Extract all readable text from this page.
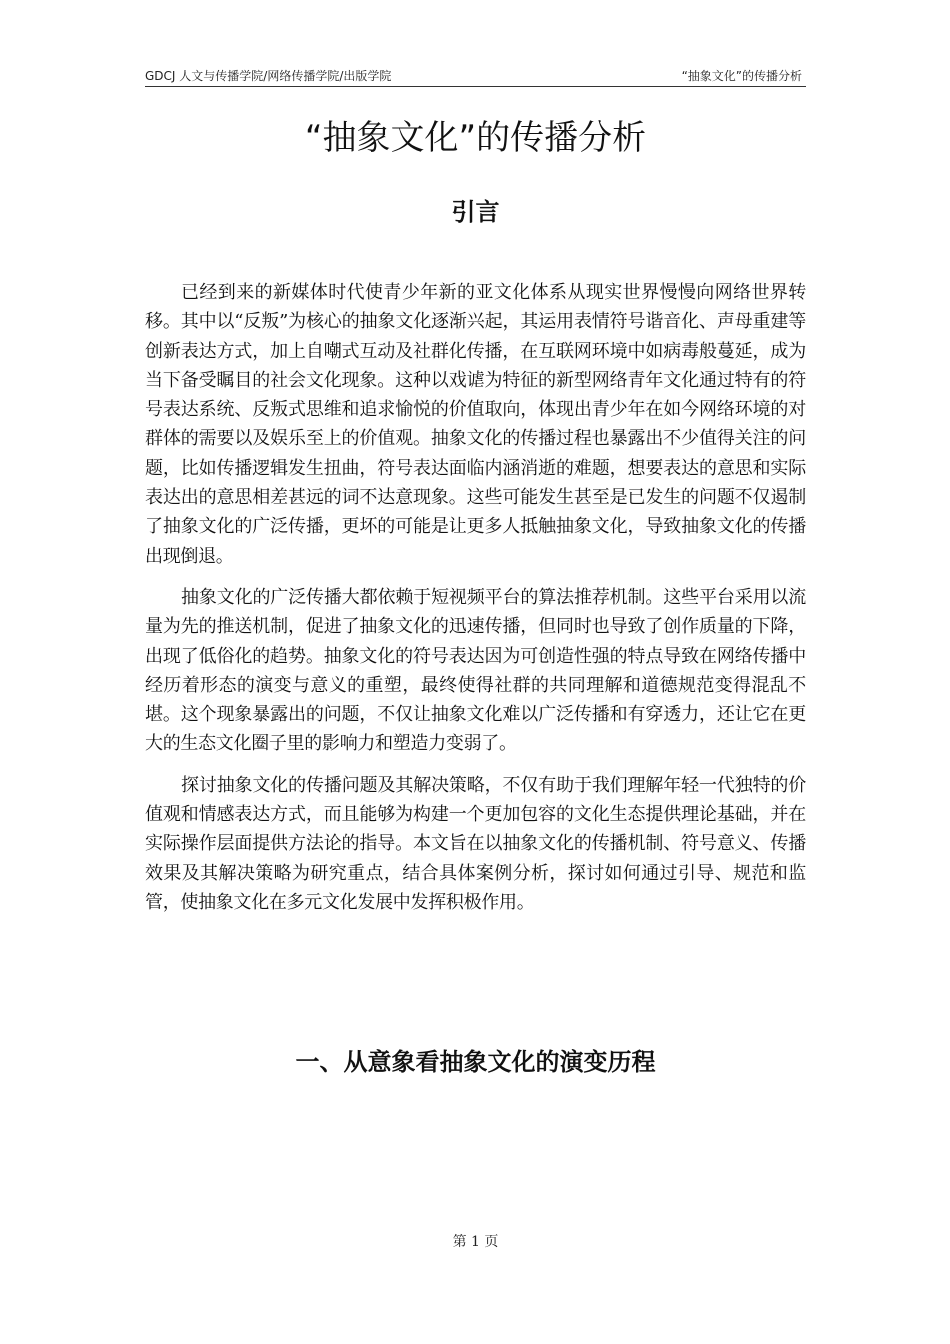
GDCJ 人文与传播学院/网络传播学院/出版学院	“抽象文化”的传播分析
“抽象文化”的传播分析
引言

已经到来的新媒体时代使青少年新的亚文化体系从现实世界慢慢向网络世界转移。其中以“反叛”为核心的抽象文化逐渐兴起，其运用表情符号谐音化、声母重建等创新表达方式，加上自嘲式互动及社群化传播，在互联网环境中如病毒般蔓延，成为当下备受瞩目的社会文化现象。这种以戏谑为特征的新型网络青年文化通过特有的符号表达系统、反叛式思维和追求愉悦的价值取向，体现出青少年在如今网络环境的对群体的需要以及娱乐至上的价值观。抽象文化的传播过程也暴露出不少值得关注的问题，比如传播逻辑发生扭曲，符号表达面临内涵消逝的难题，想要表达的意思和实际表达出的意思相差甚远的词不达意现象。这些可能发生甚至是已发生的问题不仅遏制了抽象文化的广泛传播，更坏的可能是让更多人抵触抽象文化，导致抽象文化的传播出现倒退。

抽象文化的广泛传播大都依赖于短视频平台的算法推荐机制。这些平台采用以流量为先的推送机制，促进了抽象文化的迅速传播，但同时也导致了创作质量的下降，出现了低俗化的趋势。抽象文化的符号表达因为可创造性强的特点导致在网络传播中经历着形态的演变与意义的重塑，最终使得社群的共同理解和道德规范变得混乱不堪。这个现象暴露出的问题，不仅让抽象文化难以广泛传播和有穿透力，还让它在更大的生态文化圈子里的影响力和塑造力变弱了。

探讨抽象文化的传播问题及其解决策略，不仅有助于我们理解年轻一代独特的价值观和情感表达方式，而且能够为构建一个更加包容的文化生态提供理论基础，并在实际操作层面提供方法论的指导。本文旨在以抽象文化的传播机制、符号意义、传播效果及其解决策略为研究重点，结合具体案例分析，探讨如何通过引导、规范和监管，使抽象文化在多元文化发展中发挥积极作用。

一、从意象看抽象文化的演变历程
第 1 页
